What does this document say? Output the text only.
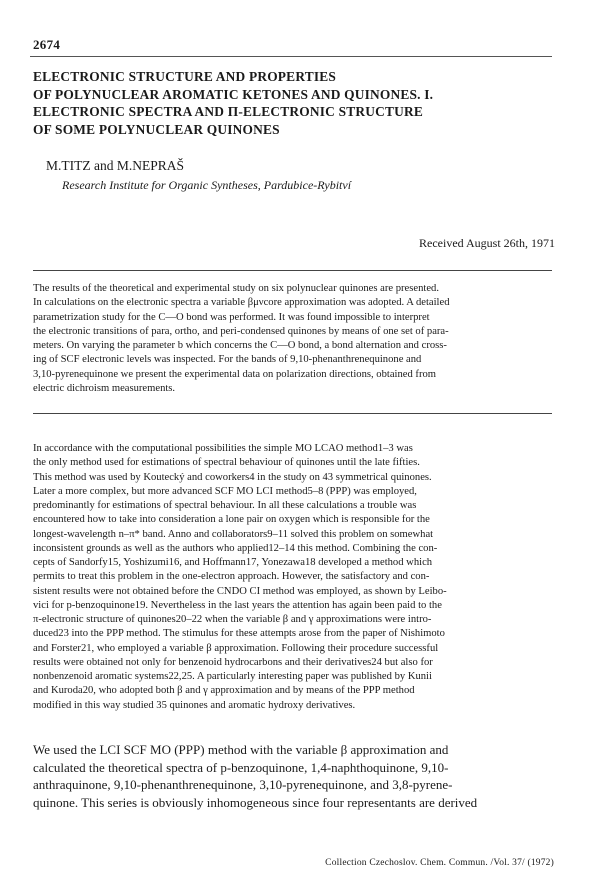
2674
ELECTRONIC STRUCTURE AND PROPERTIES
OF POLYNUCLEAR AROMATIC KETONES AND QUINONES. I.
ELECTRONIC SPECTRA AND Π-ELECTRONIC STRUCTURE
OF SOME POLYNUCLEAR QUINONES
M.TITZ and M.NEPRAŠ
Research Institute for Organic Syntheses, Pardubice-Rybitví
Received August 26th, 1971

The results of the theoretical and experimental study on six polynuclear quinones are presented.
In calculations on the electronic spectra a variable βμνcore approximation was adopted. A detailed
parametrization study for the C—O bond was performed. It was found impossible to interpret
the electronic transitions of para, ortho, and peri-condensed quinones by means of one set of para-
meters. On varying the parameter b which concerns the C—O bond, a bond alternation and cross-
ing of SCF electronic levels was inspected. For the bands of 9,10-phenanthrenequinone and
3,10-pyrenequinone we present the experimental data on polarization directions, obtained from
electric dichroism measurements.

In accordance with the computational possibilities the simple MO LCAO method1–3 was
the only method used for estimations of spectral behaviour of quinones until the late fifties.
This method was used by Koutecký and coworkers4 in the study on 43 symmetrical quinones.
Later a more complex, but more advanced SCF MO LCI method5–8 (PPP) was employed,
predominantly for estimations of spectral behaviour. In all these calculations a trouble was
encountered how to take into consideration a lone pair on oxygen which is responsible for the
longest-wavelength n–π* band. Anno and collaborators9–11 solved this problem on somewhat
inconsistent grounds as well as the authors who applied12–14 this method. Combining the con-
cepts of Sandorfy15, Yoshizumi16, and Hoffmann17, Yonezawa18 developed a method which
permits to treat this problem in the one-electron approach. However, the satisfactory and con-
sistent results were not obtained before the CNDO CI method was employed, as shown by Leibo-
vici for p-benzoquinone19. Nevertheless in the last years the attention has again been paid to the
π-electronic structure of quinones20–22 when the variable β and γ approximations were intro-
duced23 into the PPP method. The stimulus for these attempts arose from the paper of Nishimoto
and Forster21, who employed a variable β approximation. Following their procedure successful
results were obtained not only for benzenoid hydrocarbons and their derivatives24 but also for
nonbenzenoid aromatic systems22,25. A particularly interesting paper was published by Kunii
and Kuroda20, who adopted both β and γ approximation and by means of the PPP method
modified in this way studied 35 quinones and aromatic hydroxy derivatives.

We used the LCI SCF MO (PPP) method with the variable β approximation and
calculated the theoretical spectra of p-benzoquinone, 1,4-naphthoquinone, 9,10-
anthraquinone, 9,10-phenanthrenequinone, 3,10-pyrenequinone, and 3,8-pyrene-
quinone. This series is obviously inhomogeneous since four representants are derived

Collection Czechoslov. Chem. Commun. /Vol. 37/ (1972)
